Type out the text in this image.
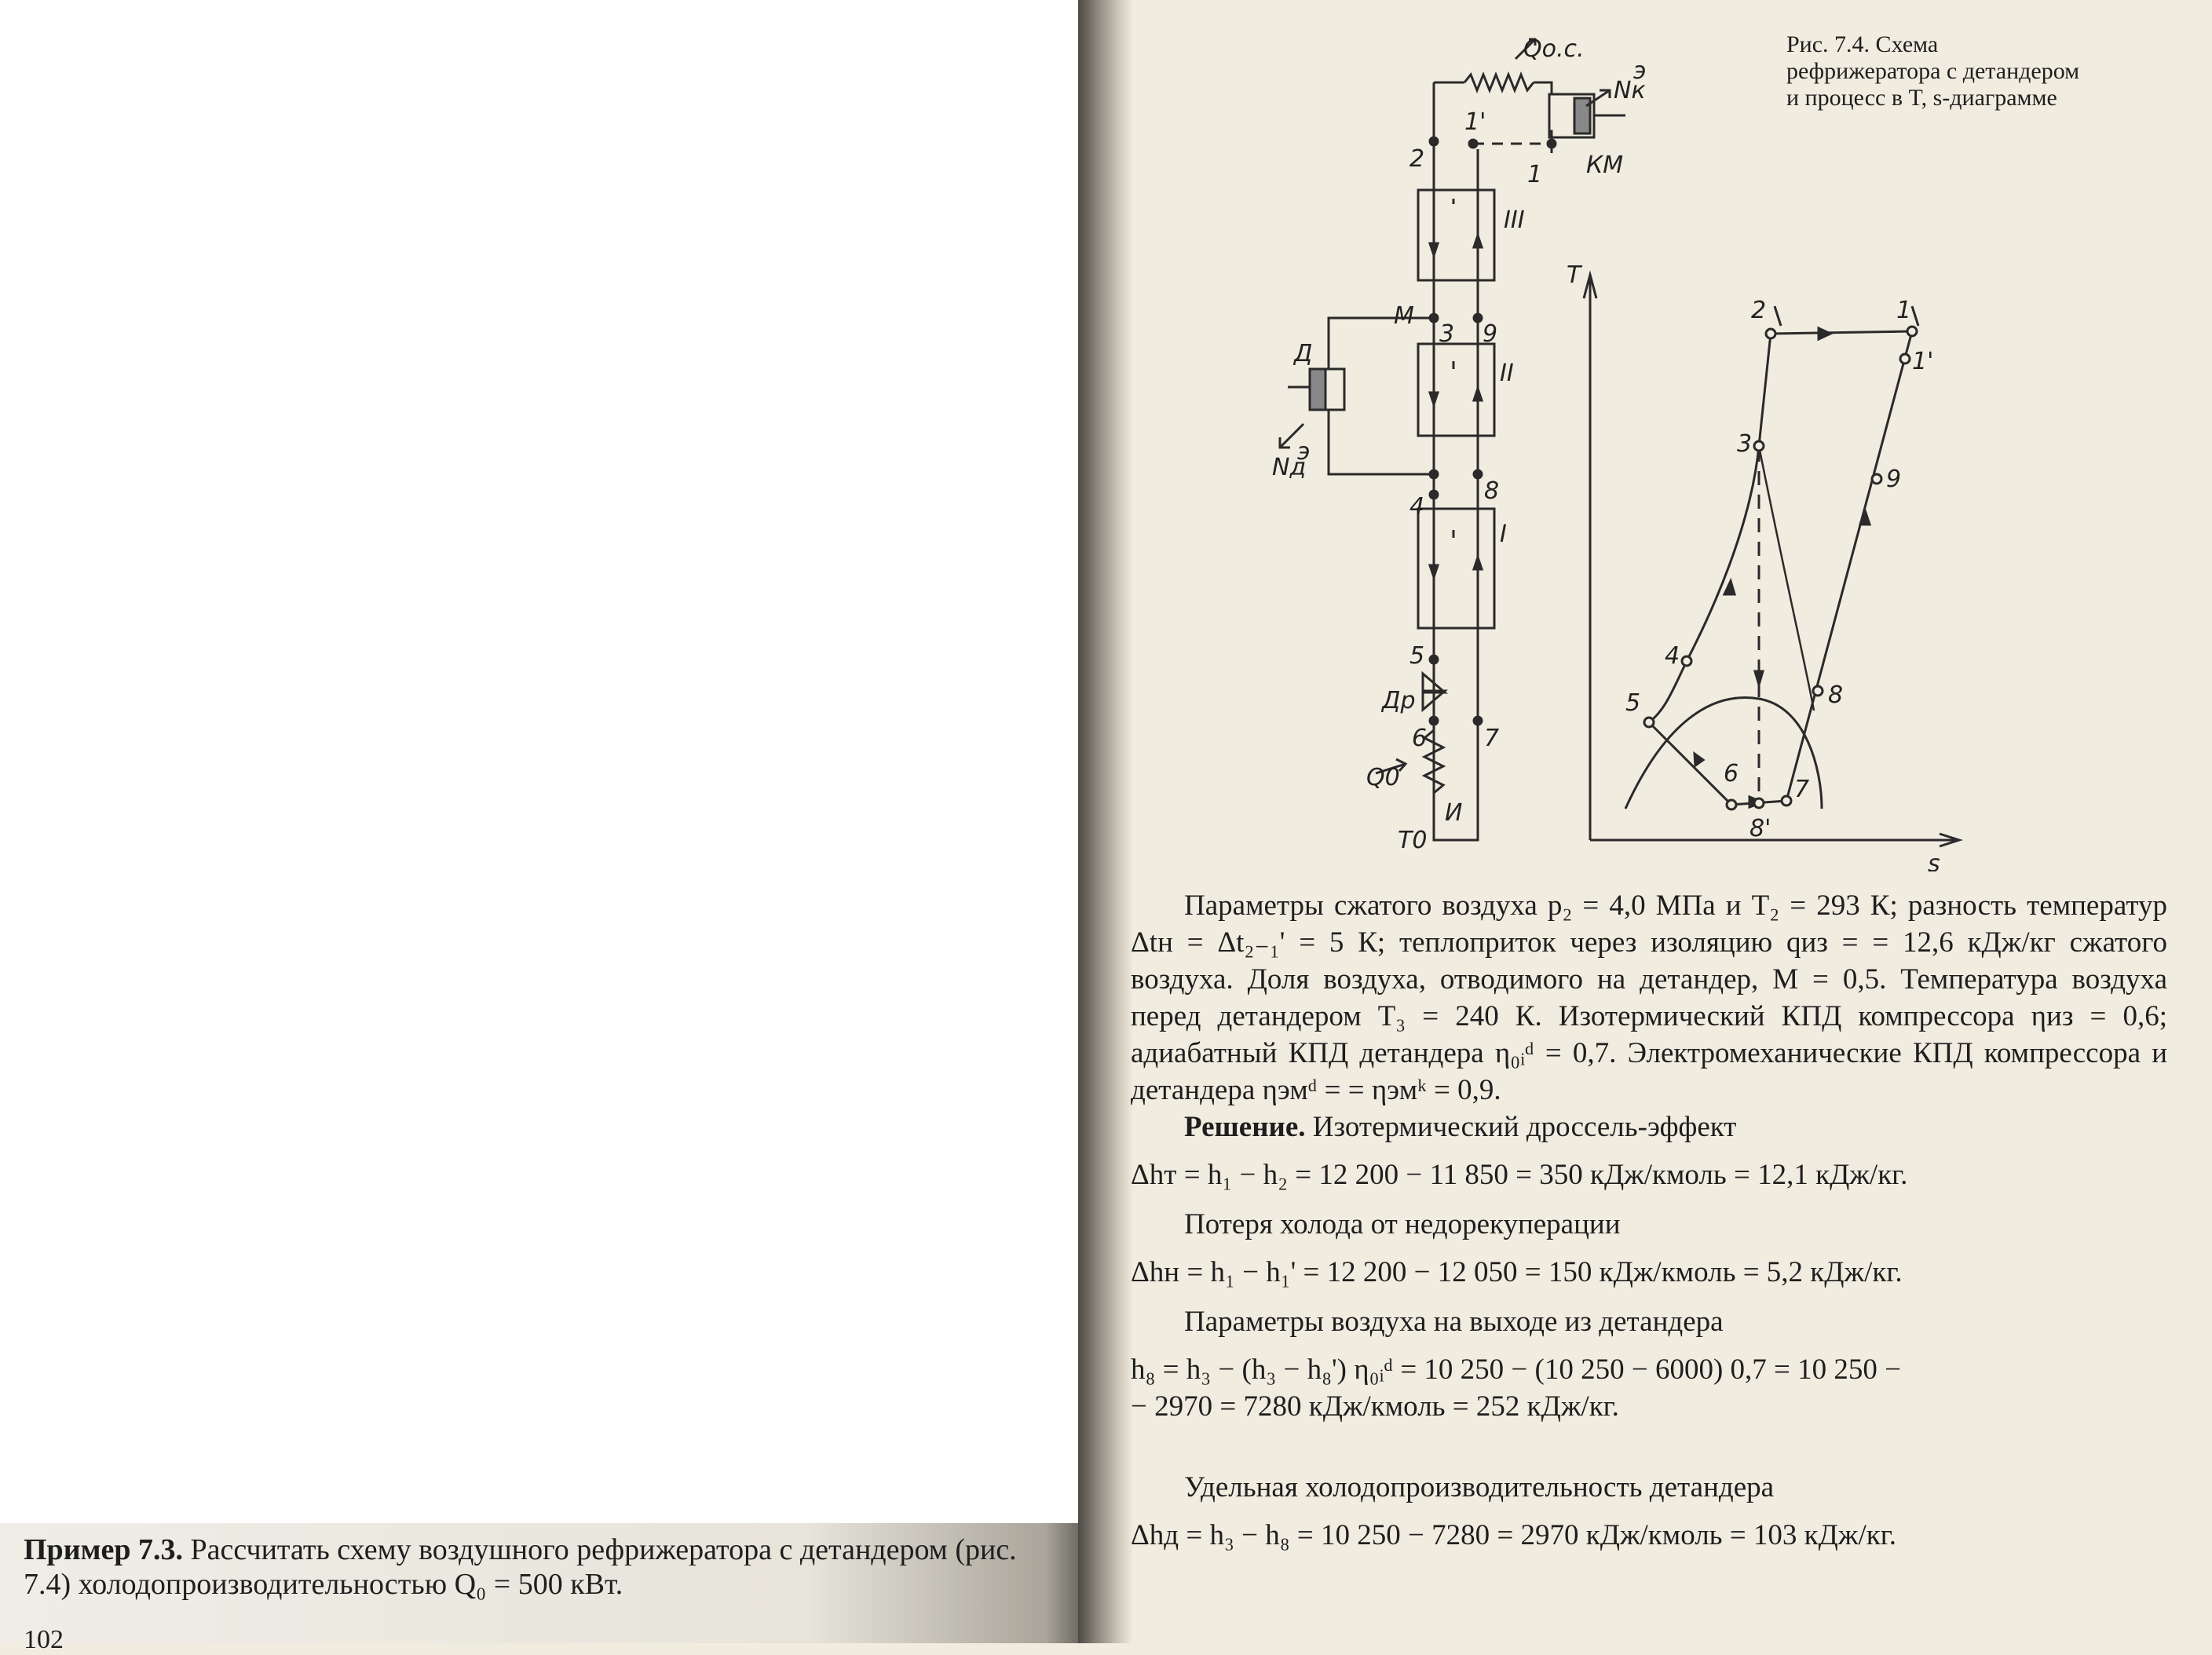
Пример 7.3. Рассчитать схему воздушного рефрижератора с детандером (рис. 7.4) холодопроизводительностью Q₀ = 500 кВт.
102
Рис. 7.4. Схема рефрижератора с детандером и процесс в T, s-диаграмме
Qо.с.
Nк
э
КМ
1
1'
2
III
M
3 9
II
Д
Nд
э
4
8
I
5
Др
6 7
Q0
И
T0
T
s
1
1'
2
3
4
5
6
7
8
8'
9

Параметры сжатого воздуха p₂ = 4,0 МПа и T₂ = 293 К; разность температур Δtн = Δt₂₋₁' = 5 К; теплоприток через изоляцию qиз = = 12,6 кДж/кг сжатого воздуха. Доля воздуха, отводимого на детандер, M = 0,5. Температура воздуха перед детандером T₃ = 240 К. Изотермический КПД компрессора ηиз = 0,6; адиабатный КПД детандера η₀ᵢᵈ = 0,7. Электромеханические КПД компрессора и детандера ηэмᵈ = = ηэмᵏ = 0,9.

Решение. Изотермический дроссель-эффект

Δhт = h₁ − h₂ = 12 200 − 11 850 = 350 кДж/кмоль = 12,1 кДж/кг.

Потеря холода от недорекуперации

Δhн = h₁ − h₁' = 12 200 − 12 050 = 150 кДж/кмоль = 5,2 кДж/кг.

Параметры воздуха на выходе из детандера

h₈ = h₃ − (h₃ − h₈') η₀ᵢᵈ = 10 250 − (10 250 − 6000) 0,7 = 10 250 −

− 2970 = 7280 кДж/кмоль = 252 кДж/кг.

Удельная холодопроизводительность детандера

Δhд = h₃ − h₈ = 10 250 − 7280 = 2970 кДж/кмоль = 103 кДж/кг.
